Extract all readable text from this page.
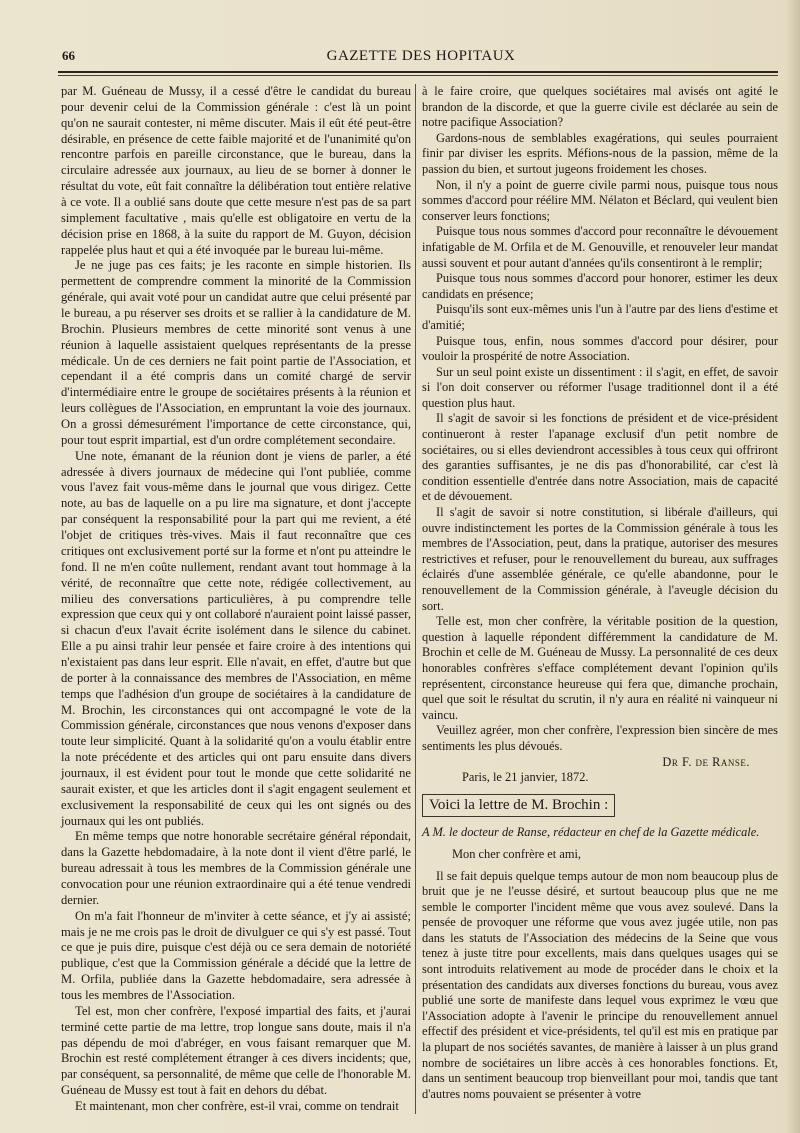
66	GAZETTE DES HOPITAUX

par M. Guéneau de Mussy, il a cessé d'être le candidat du bureau pour devenir celui de la Commission générale : c'est là un point qu'on ne saurait contester, ni même discuter. Mais il eût été peut-être désirable, en présence de cette faible majorité et de l'unanimité qu'on rencontre parfois en pareille circonstance, que le bureau, dans la circulaire adressée aux journaux, au lieu de se borner à donner le résultat du vote, eût fait connaître la délibération tout entière relative à ce vote. Il a oublié sans doute que cette mesure n'est pas de sa part simplement facultative , mais qu'elle est obligatoire en vertu de la décision prise en 1868, à la suite du rapport de M. Guyon, décision rappelée plus haut et qui a été invoquée par le bureau lui-même.

Je ne juge pas ces faits; je les raconte en simple historien. Ils permettent de comprendre comment la minorité de la Commission générale, qui avait voté pour un candidat autre que celui présenté par le bureau, a pu réserver ses droits et se rallier à la candidature de M. Brochin. Plusieurs membres de cette minorité sont venus à une réunion à laquelle assistaient quelques représentants de la presse médicale. Un de ces derniers ne fait point partie de l'Association, et cependant il a été compris dans un comité chargé de servir d'intermédiaire entre le groupe de sociétaires présents à la réunion et leurs collègues de l'Association, en empruntant la voie des journaux. On a grossi démesurément l'importance de cette circonstance, qui, pour tout esprit impartial, est d'un ordre complétement secondaire.

Une note, émanant de la réunion dont je viens de parler, a été adressée à divers journaux de médecine qui l'ont publiée, comme vous l'avez fait vous-même dans le journal que vous dirigez. Cette note, au bas de laquelle on a pu lire ma signature, et dont j'accepte par conséquent la responsabilité pour la part qui me revient, a été l'objet de critiques très-vives. Mais il faut reconnaître que ces critiques ont exclusivement porté sur la forme et n'ont pu atteindre le fond. Il ne m'en coûte nullement, rendant avant tout hommage à la vérité, de reconnaître que cette note, rédigée collectivement, au milieu des conversations particulières, à pu comprendre telle expression que ceux qui y ont collaboré n'auraient point laissé passer, si chacun d'eux l'avait écrite isolément dans le silence du cabinet. Elle a pu ainsi trahir leur pensée et faire croire à des intentions qui n'existaient pas dans leur esprit. Elle n'avait, en effet, d'autre but que de porter à la connaissance des membres de l'Association, en même temps que l'adhésion d'un groupe de sociétaires à la candidature de M. Brochin, les circonstances qui ont accompagné le vote de la Commission générale, circonstances que nous venons d'exposer dans toute leur simplicité. Quant à la solidarité qu'on a voulu établir entre la note précédente et des articles qui ont paru ensuite dans divers journaux, il est évident pour tout le monde que cette solidarité ne saurait exister, et que les articles dont il s'agit engagent seulement et exclusivement la responsabilité de ceux qui les ont signés ou des journaux qui les ont publiés.

En même temps que notre honorable secrétaire général répondait, dans la Gazette hebdomadaire, à la note dont il vient d'être parlé, le bureau adressait à tous les membres de la Commission générale une convocation pour une réunion extraordinaire qui a été tenue vendredi dernier.

On m'a fait l'honneur de m'inviter à cette séance, et j'y ai assisté; mais je ne me crois pas le droit de divulguer ce qui s'y est passé. Tout ce que je puis dire, puisque c'est déjà ou ce sera demain de notoriété publique, c'est que la Commission générale a décidé que la lettre de M. Orfila, publiée dans la Gazette hebdomadaire, sera adressée à tous les membres de l'Association.

Tel est, mon cher confrère, l'exposé impartial des faits, et j'aurai terminé cette partie de ma lettre, trop longue sans doute, mais il n'a pas dépendu de moi d'abréger, en vous faisant remarquer que M. Brochin est resté complétement étranger à ces divers incidents; que, par conséquent, sa personnalité, de même que celle de l'honorable M. Guéneau de Mussy est tout à fait en dehors du débat.

Et maintenant, mon cher confrère, est-il vrai, comme on tendrait

à le faire croire, que quelques sociétaires mal avisés ont agité le brandon de la discorde, et que la guerre civile est déclarée au sein de notre pacifique Association?

Gardons-nous de semblables exagérations, qui seules pourraient finir par diviser les esprits. Méfions-nous de la passion, même de la passion du bien, et surtout jugeons froidement les choses.

Non, il n'y a point de guerre civile parmi nous, puisque tous nous sommes d'accord pour réélire MM. Nélaton et Béclard, qui veulent bien conserver leurs fonctions;

Puisque tous nous sommes d'accord pour reconnaître le dévouement infatigable de M. Orfila et de M. Genouville, et renouveler leur mandat aussi souvent et pour autant d'années qu'ils consentiront à le remplir;

Puisque tous nous sommes d'accord pour honorer, estimer les deux candidats en présence;

Puisqu'ils sont eux-mêmes unis l'un à l'autre par des liens d'estime et d'amitié;

Puisque tous, enfin, nous sommes d'accord pour désirer, pour vouloir la prospérité de notre Association.

Sur un seul point existe un dissentiment : il s'agit, en effet, de savoir si l'on doit conserver ou réformer l'usage traditionnel dont il a été question plus haut.

Il s'agit de savoir si les fonctions de président et de vice-président continueront à rester l'apanage exclusif d'un petit nombre de sociétaires, ou si elles deviendront accessibles à tous ceux qui offriront des garanties suffisantes, je ne dis pas d'honorabilité, car c'est là condition essentielle d'entrée dans notre Association, mais de capacité et de dévouement.

Il s'agit de savoir si notre constitution, si libérale d'ailleurs, qui ouvre indistinctement les portes de la Commission générale à tous les membres de l'Association, peut, dans la pratique, autoriser des mesures restrictives et refuser, pour le renouvellement du bureau, aux suffrages éclairés d'une assemblée générale, ce qu'elle abandonne, pour le renouvellement de la Commission générale, à l'aveugle décision du sort.

Telle est, mon cher confrère, la véritable position de la question, question à laquelle répondent différemment la candidature de M. Brochin et celle de M. Guéneau de Mussy. La personnalité de ces deux honorables confrères s'efface complétement devant l'opinion qu'ils représentent, circonstance heureuse qui fera que, dimanche prochain, quel que soit le résultat du scrutin, il n'y aura en réalité ni vainqueur ni vaincu.

Veuillez agréer, mon cher confrère, l'expression bien sincère de mes sentiments les plus dévoués.

Dr F. de Ranse.

Paris, le 21 janvier, 1872.

Voici la lettre de M. Brochin :

A M. le docteur de Ranse, rédacteur en chef de la Gazette médicale.

Mon cher confrère et ami,

Il se fait depuis quelque temps autour de mon nom beaucoup plus de bruit que je ne l'eusse désiré, et surtout beaucoup plus que ne me semble le comporter l'incident même que vous avez soulevé. Dans la pensée de provoquer une réforme que vous avez jugée utile, non pas dans les statuts de l'Association des médecins de la Seine que vous tenez à juste titre pour excellents, mais dans quelques usages qui se sont introduits relativement au mode de procéder dans le choix et la présentation des candidats aux diverses fonctions du bureau, vous avez publié une sorte de manifeste dans lequel vous exprimez le vœu que l'Association adopte à l'avenir le principe du renouvellement annuel effectif des président et vice-présidents, tel qu'il est mis en pratique par la plupart de nos sociétés savantes, de manière à laisser à un plus grand nombre de sociétaires un libre accès à ces honorables fonctions. Et, dans un sentiment beaucoup trop bienveillant pour moi, tandis que tant d'autres noms pouvaient se présenter à votre
